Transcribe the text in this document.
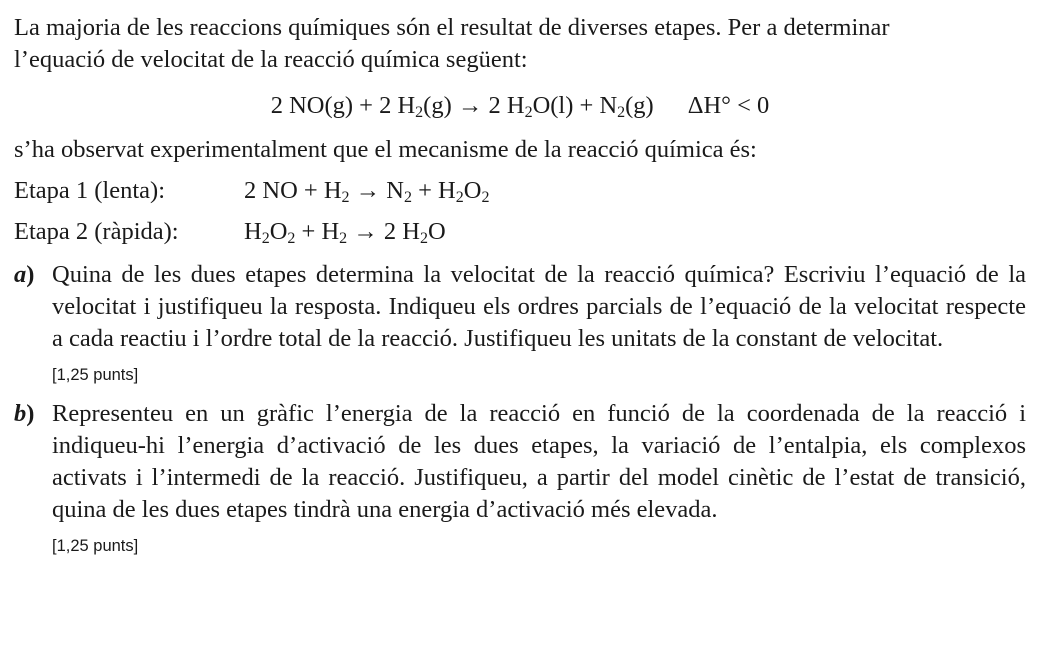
La majoria de les reaccions químiques són el resultat de diverses etapes. Per a determinar

l’equació de velocitat de la reacció química següent:

2 NO(g) + 2 $H_2(g) \to 2$ $H_2O(l) + N_2(g) \Delta H^\circ < 0$

s’ha observat experimentalment que el mecanisme de la reacció química és:

Etapa 1 (lenta):	2 NO + $H_2 \to N_2 + H_2O_2$
Etapa 2 (ràpida):	$H_2O_2 + H_2 \to 2$ $H_2O$
a) Quina de les dues etapes determina la velocitat de la reacció química? Escriviu l’equació de la velocitat i justifiqueu la resposta. Indiqueu els ordres parcials de l’equació de la velocitat respecte a cada reactiu i l’ordre total de la reacció. Justifiqueu les unitats de la constant de velocitat.

[1,25 punts]
b) Representeu en un gràfic l’energia de la reacció en funció de la coordenada de la reacció i indiqueu-hi l’energia d’activació de les dues etapes, la variació de l’entalpia, els complexos activats i l’intermedi de la reacció. Justifiqueu, a partir del model cinètic de l’estat de transició, quina de les dues etapes tindrà una energia d’activació més elevada.

[1,25 punts]
